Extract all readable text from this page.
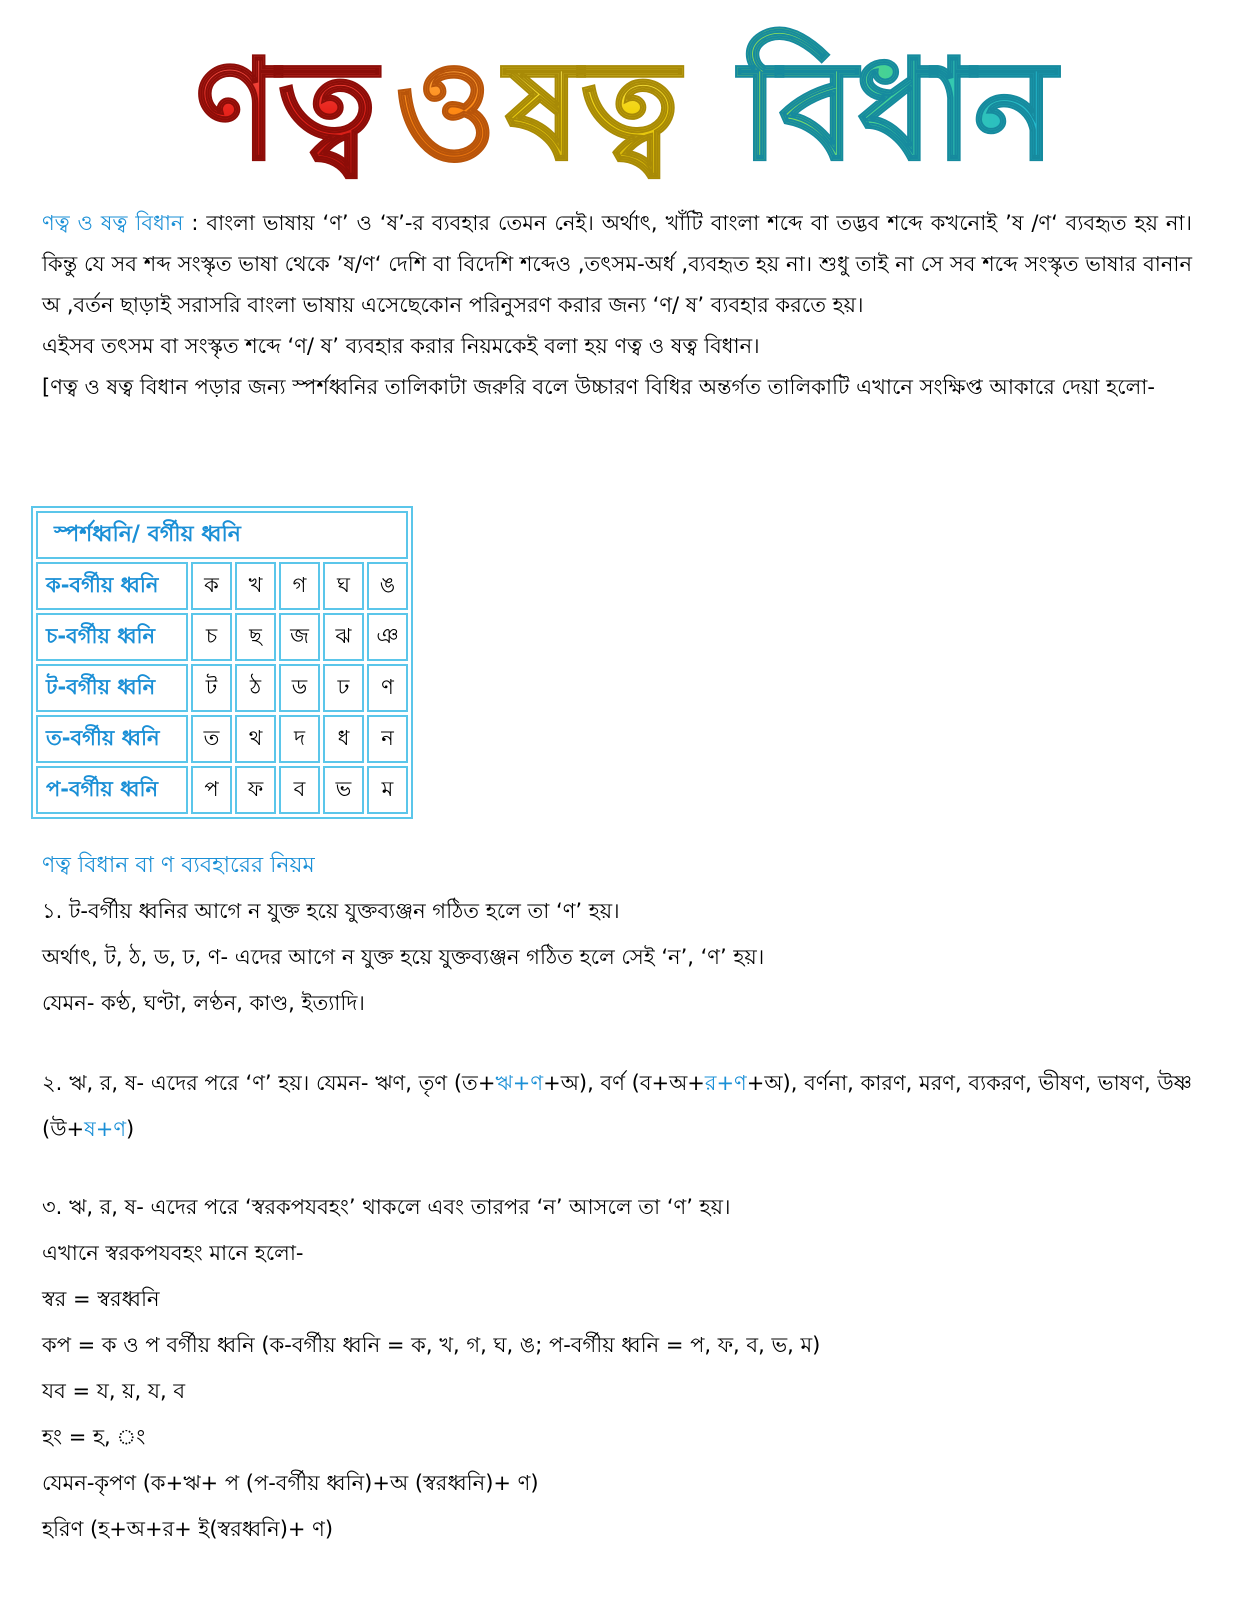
ণত্ব ও ষত্ব বিধান

ণত্ব ও ষত্ব বিধান : বাংলা ভাষায় ‘ণ’ ও ‘ষ’-র ব্যবহার তেমন নেই। অর্থাৎ, খাঁটি বাংলা শব্দে বা তদ্ভব শব্দে কখনোই ’ষ /ণ‘ ব্যবহৃত হয় না। কিন্তু যে সব শব্দ সংস্কৃত ভাষা থেকে ’ষ/ণ‘ দেশি বা বিদেশি শব্দেও ,তৎসম-অর্ধ ,ব্যবহৃত হয় না। শুধু তাই না সে সব শব্দে সংস্কৃত ভাষার বানান অ ,বর্তন ছাড়াই সরাসরি বাংলা ভাষায় এসেছেকোন পরিনুসরণ করার জন্য ‘ণ/ ষ’ ব্যবহার করতে হয়।

এইসব তৎসম বা সংস্কৃত শব্দে ‘ণ/ ষ’ ব্যবহার করার নিয়মকেই বলা হয় ণত্ব ও ষত্ব বিধান।

[ণত্ব ও ষত্ব বিধান পড়ার জন্য স্পর্শধ্বনির তালিকাটা জরুরি বলে উচ্চারণ বিধির অন্তর্গত তালিকাটি এখানে সংক্ষিপ্ত আকারে দেয়া হলো-

স্পর্শধ্বনি/ বর্গীয় ধ্বনি					
ক-বর্গীয় ধ্বনি	ক	খ	গ	ঘ	ঙ
চ-বর্গীয় ধ্বনি	চ	ছ	জ	ঝ	ঞ
ট-বর্গীয় ধ্বনি	ট	ঠ	ড	ঢ	ণ
ত-বর্গীয় ধ্বনি	ত	থ	দ	ধ	ন
প-বর্গীয় ধ্বনি	প	ফ	ব	ভ	ম
ণত্ব বিধান বা ণ ব্যবহারের নিয়ম

১. ট-বর্গীয় ধ্বনির আগে ন যুক্ত হয়ে যুক্তব্যঞ্জন গঠিত হলে তা ‘ণ’ হয়।

অর্থাৎ, ট, ঠ, ড, ঢ, ণ- এদের আগে ন যুক্ত হয়ে যুক্তব্যঞ্জন গঠিত হলে সেই ‘ন’, ‘ণ’ হয়।

যেমন- কণ্ঠ, ঘণ্টা, লণ্ঠন, কাণ্ড, ইত্যাদি।

২. ঋ, র, ষ- এদের পরে ‘ণ’ হয়। যেমন- ঋণ, তৃণ (ত+ঋ+ণ+অ), বর্ণ (ব+অ+র+ণ+অ), বর্ণনা, কারণ, মরণ, ব্যকরণ, ভীষণ, ভাষণ, উষ্ণ (উ+ষ+ণ)

৩. ঋ, র, ষ- এদের পরে ‘স্বরকপযবহং’ থাকলে এবং তারপর ‘ন’ আসলে তা ‘ণ’ হয়।

এখানে স্বরকপযবহং মানে হলো-

স্বর = স্বরধ্বনি

কপ = ক ও প বর্গীয় ধ্বনি (ক-বর্গীয় ধ্বনি = ক, খ, গ, ঘ, ঙ; প-বর্গীয় ধ্বনি = প, ফ, ব, ভ, ম)

যব = য, য়, য, ব

হং = হ, ং

যেমন-কৃপণ (ক+ঋ+ প (প-বর্গীয় ধ্বনি)+অ (স্বরধ্বনি)+ ণ)

হরিণ (হ+অ+র+ ই(স্বরধ্বনি)+ ণ)
